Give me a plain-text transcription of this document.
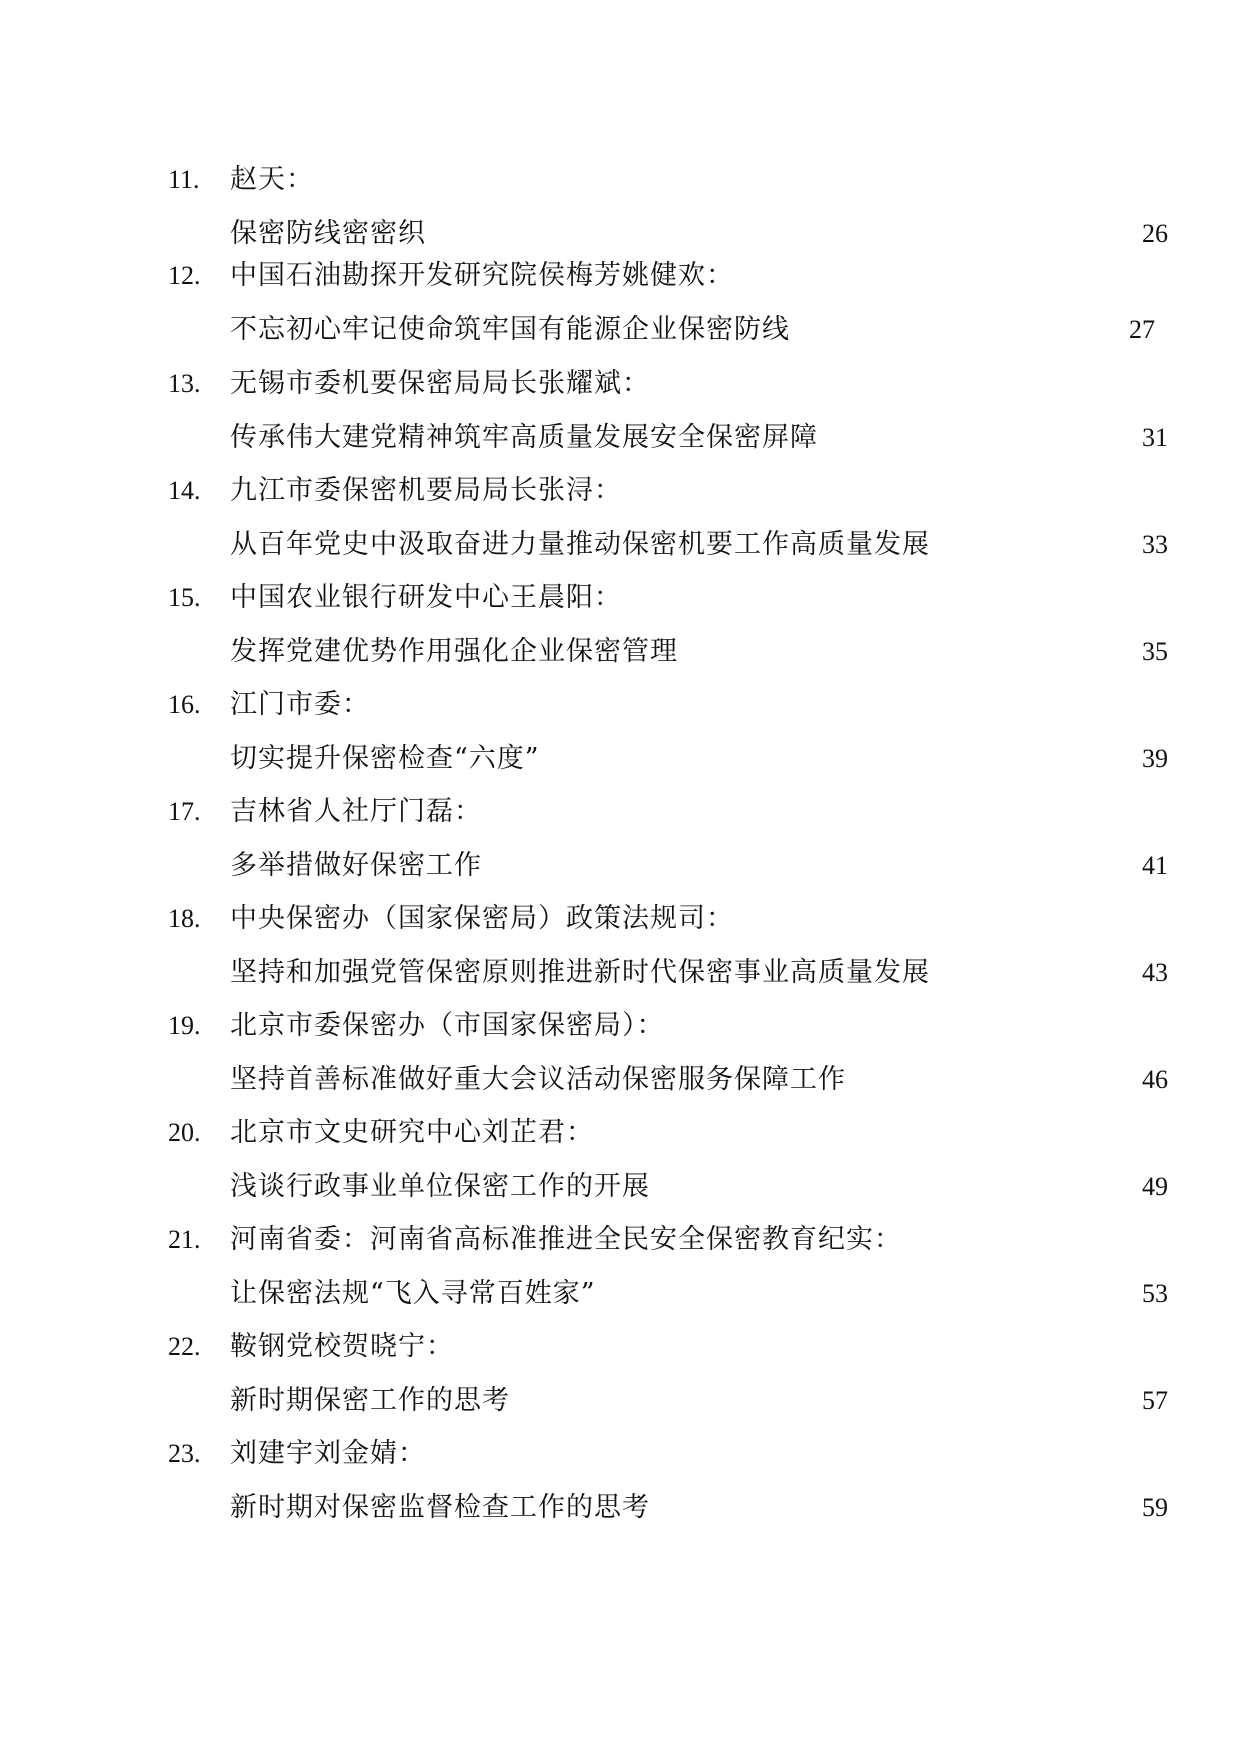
11. 赵天：
保密防线密密织	26
12. 中国石油勘探开发研究院侯梅芳姚健欢：
不忘初心牢记使命筑牢国有能源企业保密防线	27
13. 无锡市委机要保密局局长张耀斌：
传承伟大建党精神筑牢高质量发展安全保密屏障	31
14. 九江市委保密机要局局长张浔：
从百年党史中汲取奋进力量推动保密机要工作高质量发展	33
15. 中国农业银行研发中心王晨阳：
发挥党建优势作用强化企业保密管理	35
16. 江门市委：
切实提升保密检查“六度”	39
17. 吉林省人社厅门磊：
多举措做好保密工作	41
18. 中央保密办（国家保密局）政策法规司：
坚持和加强党管保密原则推进新时代保密事业高质量发展	43
19. 北京市委保密办（市国家保密局）：
坚持首善标准做好重大会议活动保密服务保障工作	46
20. 北京市文史研究中心刘芷君：
浅谈行政事业单位保密工作的开展	49
21. 河南省委：河南省高标准推进全民安全保密教育纪实：
让保密法规“飞入寻常百姓家”	53
22. 鞍钢党校贺晓宁：
新时期保密工作的思考	57
23. 刘建宇刘金婧：
新时期对保密监督检查工作的思考	59
